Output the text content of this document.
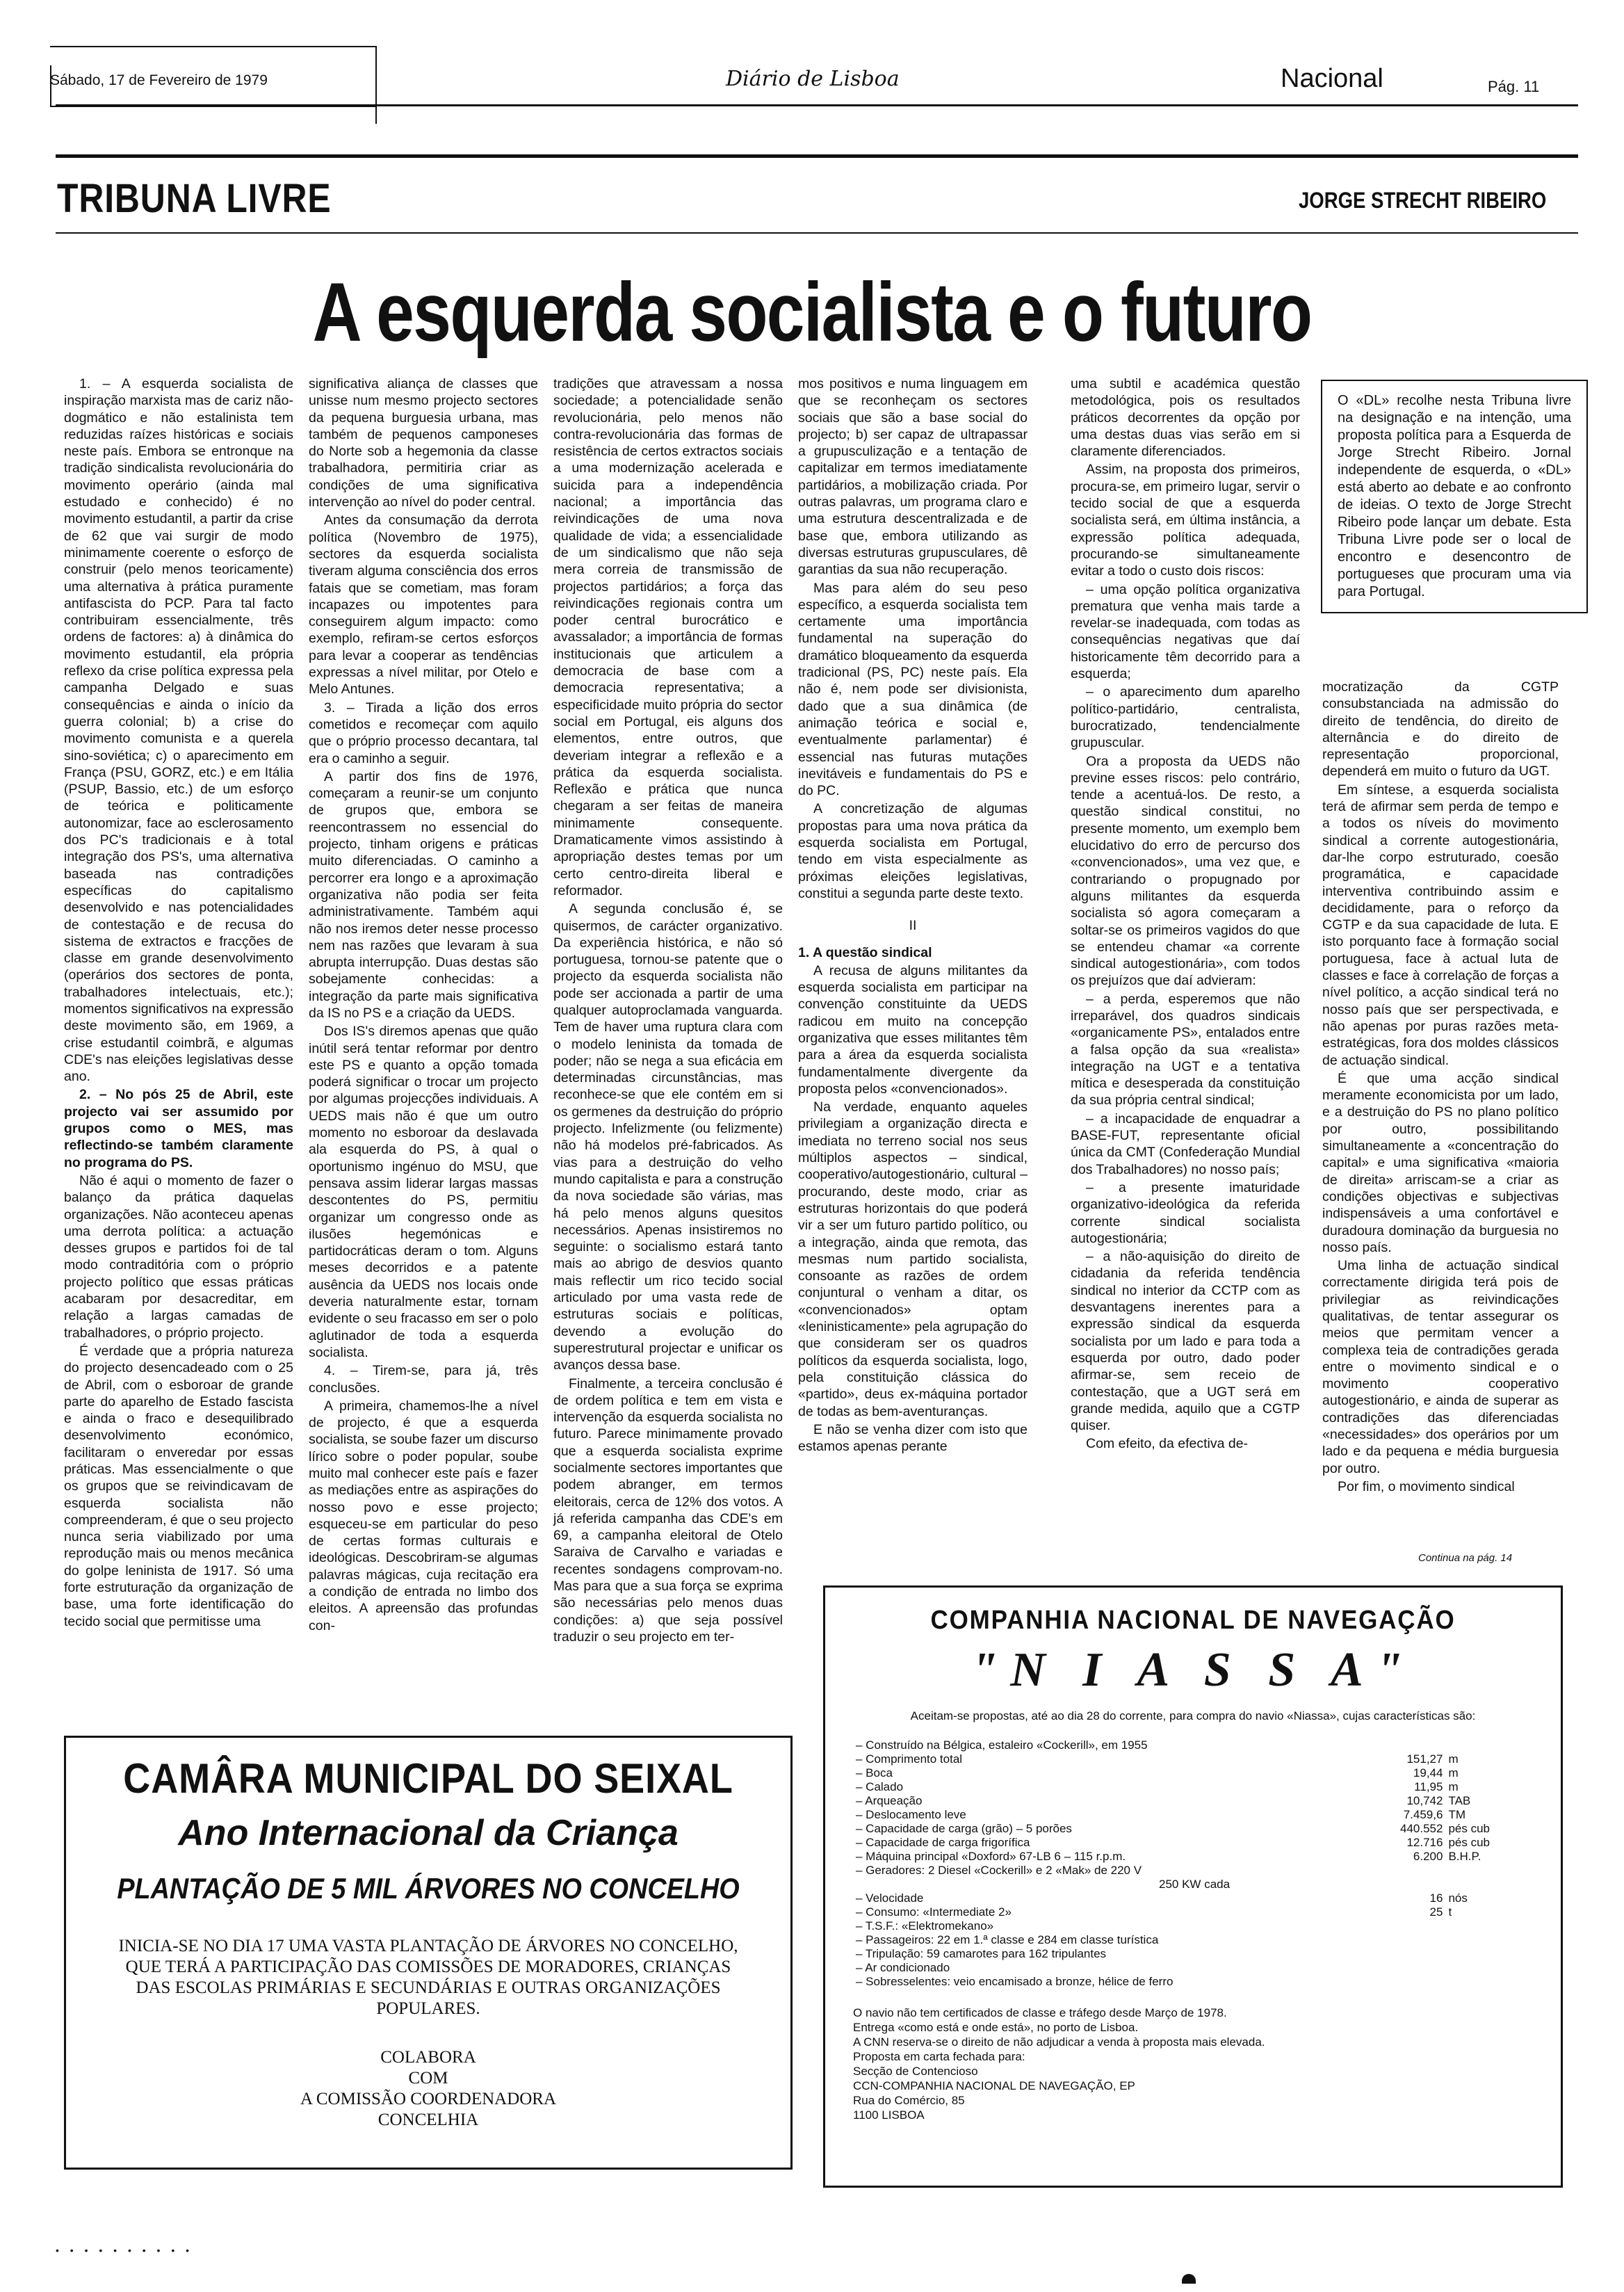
Sábado, 17 de Fevereiro de 1979	Diário de Lisboa	Nacional	Pág. 11
TRIBUNA LIVRE	JORGE STRECHT RIBEIRO
A esquerda socialista e o futuro

1. – A esquerda socialista de inspiração marxista mas de cariz não-dogmático e não estalinista tem reduzidas raízes históricas e sociais neste país. Embora se entronque na tradição sindicalista revolucionária do movimento operário (ainda mal estudado e conhecido) é no movimento estudantil, a partir da crise de 62 que vai surgir de modo minimamente coerente o esforço de construir (pelo menos teoricamente) uma alternativa à prática puramente antifascista do PCP. Para tal facto contribuiram essencialmente, três ordens de factores: a) à dinâmica do movimento estudantil, ela própria reflexo da crise política expressa pela campanha Delgado e suas consequências e ainda o início da guerra colonial; b) a crise do movimento comunista e a querela sino-soviética; c) o aparecimento em França (PSU, GORZ, etc.) e em Itália (PSUP, Bassio, etc.) de um esforço de teórica e politicamente autonomizar, face ao esclerosamento dos PC's tradicionais e à total integração dos PS's, uma alternativa baseada nas contradições específicas do capitalismo desenvolvido e nas potencialidades de contestação e de recusa do sistema de extractos e fracções de classe em grande desenvolvimento (operários dos sectores de ponta, trabalhadores intelectuais, etc.); momentos significativos na expressão deste movimento são, em 1969, a crise estudantil coimbrã, e algumas CDE's nas eleições legislativas desse ano.

2. – No pós 25 de Abril, este projecto vai ser assumido por grupos como o MES, mas reflectindo-se também claramente no programa do PS.

Não é aqui o momento de fazer o balanço da prática daquelas organizações. Não aconteceu apenas uma derrota política: a actuação desses grupos e partidos foi de tal modo contraditória com o próprio projecto político que essas práticas acabaram por desacreditar, em relação a largas camadas de trabalhadores, o próprio projecto.

É verdade que a própria natureza do projecto desencadeado com o 25 de Abril, com o esboroar de grande parte do aparelho de Estado fascista e ainda o fraco e desequilibrado desenvolvimento económico, facilitaram o enveredar por essas práticas. Mas essencialmente o que os grupos que se reivindicavam de esquerda socialista não compreenderam, é que o seu projecto nunca seria viabilizado por uma reprodução mais ou menos mecânica do golpe leninista de 1917. Só uma forte estruturação da organização de base, uma forte identificação do tecido social que permitisse uma

significativa aliança de classes que unisse num mesmo projecto sectores da pequena burguesia urbana, mas também de pequenos camponeses do Norte sob a hegemonia da classe trabalhadora, permitiria criar as condições de uma significativa intervenção ao nível do poder central.

Antes da consumação da derrota política (Novembro de 1975), sectores da esquerda socialista tiveram alguma consciência dos erros fatais que se cometiam, mas foram incapazes ou impotentes para conseguirem algum impacto: como exemplo, refiram-se certos esforços para levar a cooperar as tendências expressas a nível militar, por Otelo e Melo Antunes.

3. – Tirada a lição dos erros cometidos e recomeçar com aquilo que o próprio processo decantara, tal era o caminho a seguir.

A partir dos fins de 1976, começaram a reunir-se um conjunto de grupos que, embora se reencontrassem no essencial do projecto, tinham origens e práticas muito diferenciadas. O caminho a percorrer era longo e a aproximação organizativa não podia ser feita administrativamente. Também aqui não nos iremos deter nesse processo nem nas razões que levaram à sua abrupta interrupção. Duas destas são sobejamente conhecidas: a integração da parte mais significativa da IS no PS e a criação da UEDS.

Dos IS's diremos apenas que quão inútil será tentar reformar por dentro este PS e quanto a opção tomada poderá significar o trocar um projecto por algumas projecções individuais. A UEDS mais não é que um outro momento no esboroar da deslavada ala esquerda do PS, à qual o oportunismo ingénuo do MSU, que pensava assim liderar largas massas descontentes do PS, permitiu organizar um congresso onde as ilusões hegemónicas e partidocráticas deram o tom. Alguns meses decorridos e a patente ausência da UEDS nos locais onde deveria naturalmente estar, tornam evidente o seu fracasso em ser o polo aglutinador de toda a esquerda socialista.

4. – Tirem-se, para já, três conclusões.

A primeira, chamemos-lhe a nível de projecto, é que a esquerda socialista, se soube fazer um discurso lírico sobre o poder popular, soube muito mal conhecer este país e fazer as mediações entre as aspirações do nosso povo e esse projecto; esqueceu-se em particular do peso de certas formas culturais e ideológicas. Descobriram-se algumas palavras mágicas, cuja recitação era a condição de entrada no limbo dos eleitos. A apreensão das profundas con-

tradições que atravessam a nossa sociedade; a potencialidade senão revolucionária, pelo menos não contra-revolucionária das formas de resistência de certos extractos sociais a uma modernização acelerada e suicida para a independência nacional; a importância das reivindicações de uma nova qualidade de vida; a essencialidade de um sindicalismo que não seja mera correia de transmissão de projectos partidários; a força das reivindicações regionais contra um poder central burocrático e avassalador; a importância de formas institucionais que articulem a democracia de base com a democracia representativa; a especificidade muito própria do sector social em Portugal, eis alguns dos elementos, entre outros, que deveriam integrar a reflexão e a prática da esquerda socialista. Reflexão e prática que nunca chegaram a ser feitas de maneira minimamente consequente. Dramaticamente vimos assistindo à apropriação destes temas por um certo centro-direita liberal e reformador.

A segunda conclusão é, se quisermos, de carácter organizativo. Da experiência histórica, e não só portuguesa, tornou-se patente que o projecto da esquerda socialista não pode ser accionada a partir de uma qualquer autoproclamada vanguarda. Tem de haver uma ruptura clara com o modelo leninista da tomada de poder; não se nega a sua eficácia em determinadas circunstâncias, mas reconhece-se que ele contém em si os germenes da destruição do próprio projecto. Infelizmente (ou felizmente) não há modelos pré-fabricados. As vias para a destruição do velho mundo capitalista e para a construção da nova sociedade são várias, mas há pelo menos alguns quesitos necessários. Apenas insistiremos no seguinte: o socialismo estará tanto mais ao abrigo de desvios quanto mais reflectir um rico tecido social articulado por uma vasta rede de estruturas sociais e políticas, devendo a evolução do superestrutural projectar e unificar os avanços dessa base.

Finalmente, a terceira conclusão é de ordem política e tem em vista e intervenção da esquerda socialista no futuro. Parece minimamente provado que a esquerda socialista exprime socialmente sectores importantes que podem abranger, em termos eleitorais, cerca de 12% dos votos. A já referida campanha das CDE's em 69, a campanha eleitoral de Otelo Saraiva de Carvalho e variadas e recentes sondagens comprovam-no. Mas para que a sua força se exprima são necessárias pelo menos duas condições: a) que seja possível traduzir o seu projecto em ter-

mos positivos e numa linguagem em que se reconheçam os sectores sociais que são a base social do projecto; b) ser capaz de ultrapassar a grupusculização e a tentação de capitalizar em termos imediatamente partidários, a mobilização criada. Por outras palavras, um programa claro e uma estrutura descentralizada e de base que, embora utilizando as diversas estruturas grupusculares, dê garantias da sua não recuperação.

Mas para além do seu peso específico, a esquerda socialista tem certamente uma importância fundamental na superação do dramático bloqueamento da esquerda tradicional (PS, PC) neste país. Ela não é, nem pode ser divisionista, dado que a sua dinâmica (de animação teórica e social e, eventualmente parlamentar) é essencial nas futuras mutações inevitáveis e fundamentais do PS e do PC.

A concretização de algumas propostas para uma nova prática da esquerda socialista em Portugal, tendo em vista especialmente as próximas eleições legislativas, constitui a segunda parte deste texto.

II

1. A questão sindical

A recusa de alguns militantes da esquerda socialista em participar na convenção constituinte da UEDS radicou em muito na concepção organizativa que esses militantes têm para a área da esquerda socialista fundamentalmente divergente da proposta pelos «convencionados».

Na verdade, enquanto aqueles privilegiam a organização directa e imediata no terreno social nos seus múltiplos aspectos – sindical, cooperativo/autogestionário, cultural – procurando, deste modo, criar as estruturas horizontais do que poderá vir a ser um futuro partido político, ou a integração, ainda que remota, das mesmas num partido socialista, consoante as razões de ordem conjuntural o venham a ditar, os «convencionados» optam «leninisticamente» pela agrupação do que consideram ser os quadros políticos da esquerda socialista, logo, pela constituição clássica do «partido», deus ex-máquina portador de todas as bem-aventuranças.

E não se venha dizer com isto que estamos apenas perante

uma subtil e académica questão metodológica, pois os resultados práticos decorrentes da opção por uma destas duas vias serão em si claramente diferenciados.

Assim, na proposta dos primeiros, procura-se, em primeiro lugar, servir o tecido social de que a esquerda socialista será, em última instância, a expressão política adequada, procurando-se simultaneamente evitar a todo o custo dois riscos:

– uma opção política organizativa prematura que venha mais tarde a revelar-se inadequada, com todas as consequências negativas que daí historicamente têm decorrido para a esquerda;

– o aparecimento dum aparelho político-partidário, centralista, burocratizado, tendencialmente grupuscular.

Ora a proposta da UEDS não previne esses riscos: pelo contrário, tende a acentuá-los. De resto, a questão sindical constitui, no presente momento, um exemplo bem elucidativo do erro de percurso dos «convencionados», uma vez que, e contrariando o propugnado por alguns militantes da esquerda socialista só agora começaram a soltar-se os primeiros vagidos do que se entendeu chamar «a corrente sindical autogestionária», com todos os prejuízos que daí advieram:

– a perda, esperemos que não irreparável, dos quadros sindicais «organicamente PS», entalados entre a falsa opção da sua «realista» integração na UGT e a tentativa mítica e desesperada da constituição da sua própria central sindical;

– a incapacidade de enquadrar a BASE-FUT, representante oficial única da CMT (Confederação Mundial dos Trabalhadores) no nosso país;

– a presente imaturidade organizativo-ideológica da referida corrente sindical socialista autogestionária;

– a não-aquisição do direito de cidadania da referida tendência sindical no interior da CCTP com as desvantagens inerentes para a expressão sindical da esquerda socialista por um lado e para toda a esquerda por outro, dado poder afirmar-se, sem receio de contestação, que a UGT será em grande medida, aquilo que a CGTP quiser.

Com efeito, da efectiva de-

O «DL» recolhe nesta Tribuna livre na designação e na intenção, uma proposta política para a Esquerda de Jorge Strecht Ribeiro. Jornal independente de esquerda, o «DL» está aberto ao debate e ao confronto de ideias. O texto de Jorge Strecht Ribeiro pode lançar um debate. Esta Tribuna Livre pode ser o local de encontro e desencontro de portugueses que procuram uma via para Portugal.

mocratização da CGTP consubstanciada na admissão do direito de tendência, do direito de alternância e do direito de representação proporcional, dependerá em muito o futuro da UGT.

Em síntese, a esquerda socialista terá de afirmar sem perda de tempo e a todos os níveis do movimento sindical a corrente autogestionária, dar-lhe corpo estruturado, coesão programática, e capacidade interventiva contribuindo assim e decididamente, para o reforço da CGTP e da sua capacidade de luta. E isto porquanto face à formação social portuguesa, face à actual luta de classes e face à correlação de forças a nível político, a acção sindical terá no nosso país que ser perspectivada, e não apenas por puras razões meta-estratégicas, fora dos moldes clássicos de actuação sindical.

É que uma acção sindical meramente economicista por um lado, e a destruição do PS no plano político por outro, possibilitando simultaneamente a «concentração do capital» e uma significativa «maioria de direita» arriscam-se a criar as condições objectivas e subjectivas indispensáveis a uma confortável e duradoura dominação da burguesia no nosso país.

Uma linha de actuação sindical correctamente dirigida terá pois de privilegiar as reivindicações qualitativas, de tentar assegurar os meios que permitam vencer a complexa teia de contradições gerada entre o movimento sindical e o movimento cooperativo autogestionário, e ainda de superar as contradições das diferenciadas «necessidades» dos operários por um lado e da pequena e média burguesia por outro.

Por fim, o movimento sindical

Continua na pág. 14
CAMÂRA MUNICIPAL DO SEIXAL
Ano Internacional da Criança
PLANTAÇÃO DE 5 MIL ÁRVORES NO CONCELHO
INICIA-SE NO DIA 17 UMA VASTA PLANTAÇÃO DE ÁRVORES NO CONCELHO, QUE TERÁ A PARTICIPAÇÃO DAS COMISSÕES DE MORADORES, CRIANÇAS DAS ESCOLAS PRIMÁRIAS E SECUNDÁRIAS E OUTRAS ORGANIZAÇÕES POPULARES.
COLABORA
COM
A COMISSÃO COORDENADORA
CONCELHIA
COMPANHIA NACIONAL DE NAVEGAÇÃO
"N I A S S A"
Aceitam-se propostas, até ao dia 28 do corrente, para compra do navio «Niassa», cujas características são:
– Construído na Bélgica, estaleiro «Cockerill», em 1955		
– Comprimento total	151,27	m
– Boca	19,44	m
– Calado	11,95	m
– Arqueação	10,742	TAB
– Deslocamento leve	7.459,6	TM
– Capacidade de carga (grão) – 5 porões	440.552	pés cub
– Capacidade de carga frigorífica	12.716	pés cub
– Máquina principal «Doxford» 67-LB 6 – 115 r.p.m.	6.200	B.H.P.
– Geradores: 2 Diesel «Cockerill» e 2 «Mak» de 220 V		
250 KW cada		
– Velocidade	16	nós
– Consumo: «Intermediate 2»	25	t
– T.S.F.: «Elektromekano»		
– Passageiros: 22 em 1.ª classe e 284 em classe turística		
– Tripulação: 59 camarotes para 162 tripulantes		
– Ar condicionado		
– Sobresselentes: veio encamisado a bronze, hélice de ferro		
O navio não tem certificados de classe e tráfego desde Março de 1978.
Entrega «como está e onde está», no porto de Lisboa.
A CNN reserva-se o direito de não adjudicar a venda à proposta mais elevada.
Proposta em carta fechada para:
Secção de Contencioso
CCN-COMPANHIA NACIONAL DE NAVEGAÇÃO, EP
Rua do Comércio, 85
1100 LISBOA
• • • • • • • • • •
